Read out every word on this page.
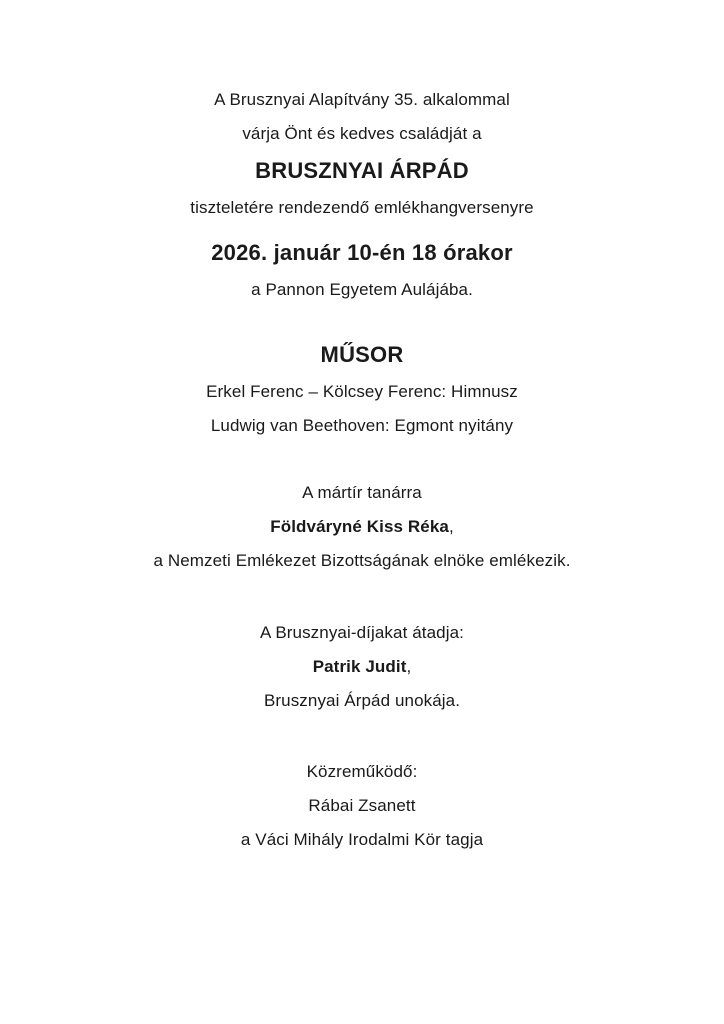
A Brusznyai Alapítvány 35. alkalommal

várja Önt és kedves családját a

BRUSZNYAI ÁRPÁD

tiszteletére rendezendő emlékhangversenyre

2026. január 10-én 18 órakor

a Pannon Egyetem Aulájába.

MŰSOR

Erkel Ferenc – Kölcsey Ferenc: Himnusz

Ludwig van Beethoven: Egmont nyitány

A mártír tanárra

Földváryné Kiss Réka,

a Nemzeti Emlékezet Bizottságának elnöke emlékezik.

A Brusznyai-díjakat átadja:

Patrik Judit,

Brusznyai Árpád unokája.

Közreműködő:

Rábai Zsanett

a Váci Mihály Irodalmi Kör tagja
